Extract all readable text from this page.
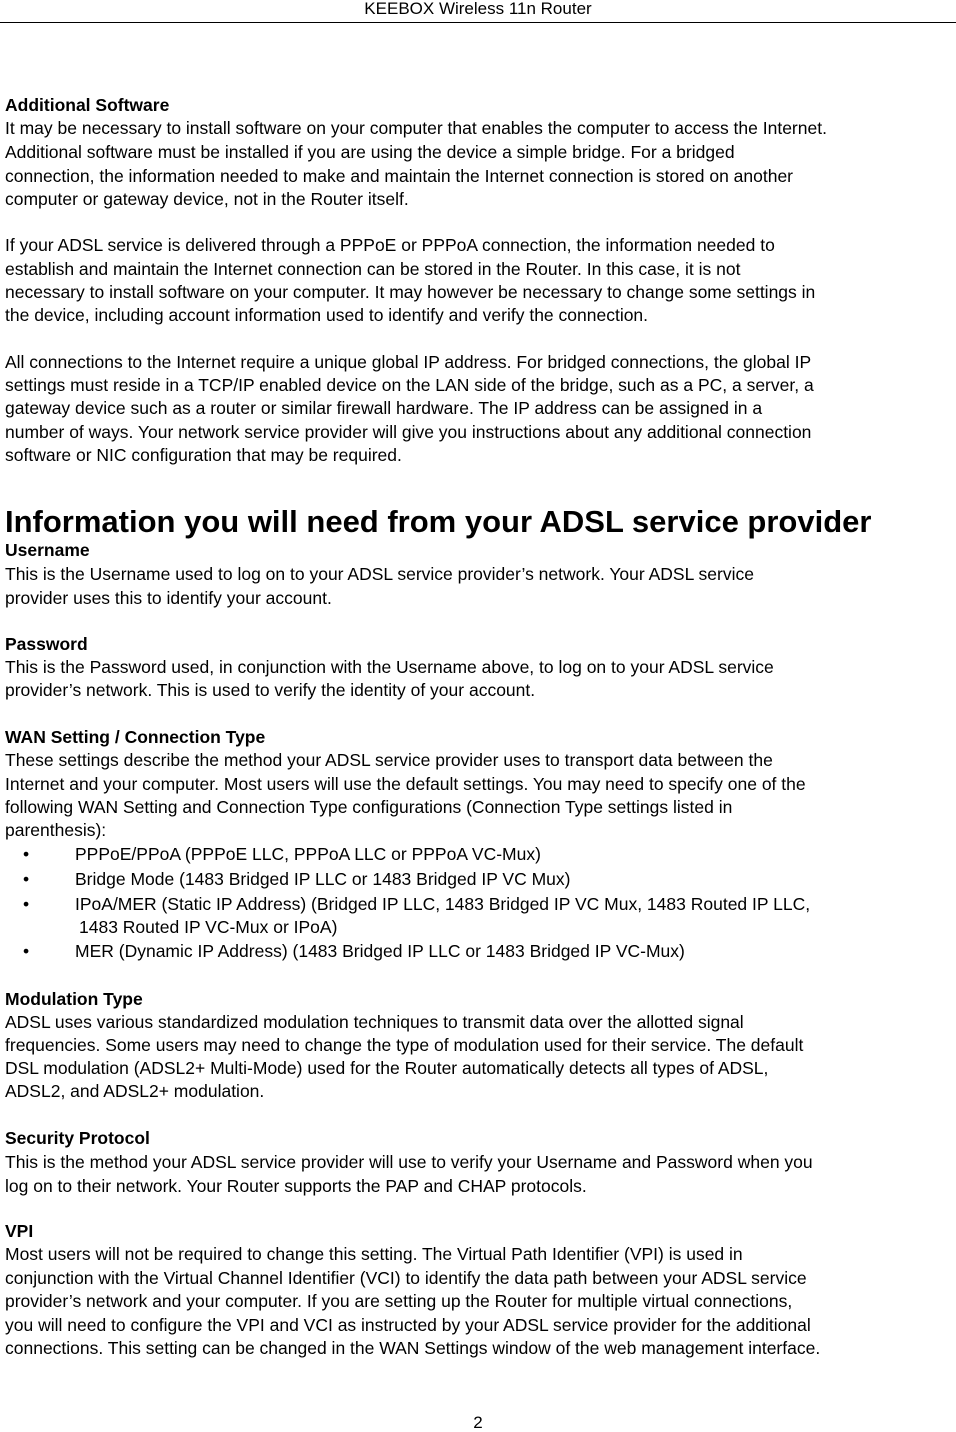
KEEBOX Wireless 11n Router
Additional Software
It may be necessary to install software on your computer that enables the computer to access the Internet.
Additional software must be installed if you are using the device a simple bridge. For a bridged
connection, the information needed to make and maintain the Internet connection is stored on another
computer or gateway device, not in the Router itself.
If your ADSL service is delivered through a PPPoE or PPPoA connection, the information needed to
establish and maintain the Internet connection can be stored in the Router. In this case, it is not
necessary to install software on your computer. It may however be necessary to change some settings in
the device, including account information used to identify and verify the connection.
All connections to the Internet require a unique global IP address. For bridged connections, the global IP
settings must reside in a TCP/IP enabled device on the LAN side of the bridge, such as a PC, a server, a
gateway device such as a router or similar firewall hardware. The IP address can be assigned in a
number of ways. Your network service provider will give you instructions about any additional connection
software or NIC configuration that may be required.
Information you will need from your ADSL service provider
Username
This is the Username used to log on to your ADSL service provider’s network. Your ADSL service
provider uses this to identify your account.
Password
This is the Password used, in conjunction with the Username above, to log on to your ADSL service
provider’s network. This is used to verify the identity of your account.
WAN Setting / Connection Type
These settings describe the method your ADSL service provider uses to transport data between the
Internet and your computer. Most users will use the default settings. You may need to specify one of the
following WAN Setting and Connection Type configurations (Connection Type settings listed in
parenthesis):
•	PPPoE/PPoA (PPPoE LLC, PPPoA LLC or PPPoA VC-Mux)
•	Bridge Mode (1483 Bridged IP LLC or 1483 Bridged IP VC Mux)
•	IPoA/MER (Static IP Address) (Bridged IP LLC, 1483 Bridged IP VC Mux, 1483 Routed IP LLC,
1483 Routed IP VC-Mux or IPoA)
•	MER (Dynamic IP Address) (1483 Bridged IP LLC or 1483 Bridged IP VC-Mux)
Modulation Type
ADSL uses various standardized modulation techniques to transmit data over the allotted signal
frequencies. Some users may need to change the type of modulation used for their service. The default
DSL modulation (ADSL2+ Multi-Mode) used for the Router automatically detects all types of ADSL,
ADSL2, and ADSL2+ modulation.
Security Protocol
This is the method your ADSL service provider will use to verify your Username and Password when you
log on to their network. Your Router supports the PAP and CHAP protocols.
VPI
Most users will not be required to change this setting. The Virtual Path Identifier (VPI) is used in
conjunction with the Virtual Channel Identifier (VCI) to identify the data path between your ADSL service
provider’s network and your computer. If you are setting up the Router for multiple virtual connections,
you will need to configure the VPI and VCI as instructed by your ADSL service provider for the additional
connections. This setting can be changed in the WAN Settings window of the web management interface.
2
